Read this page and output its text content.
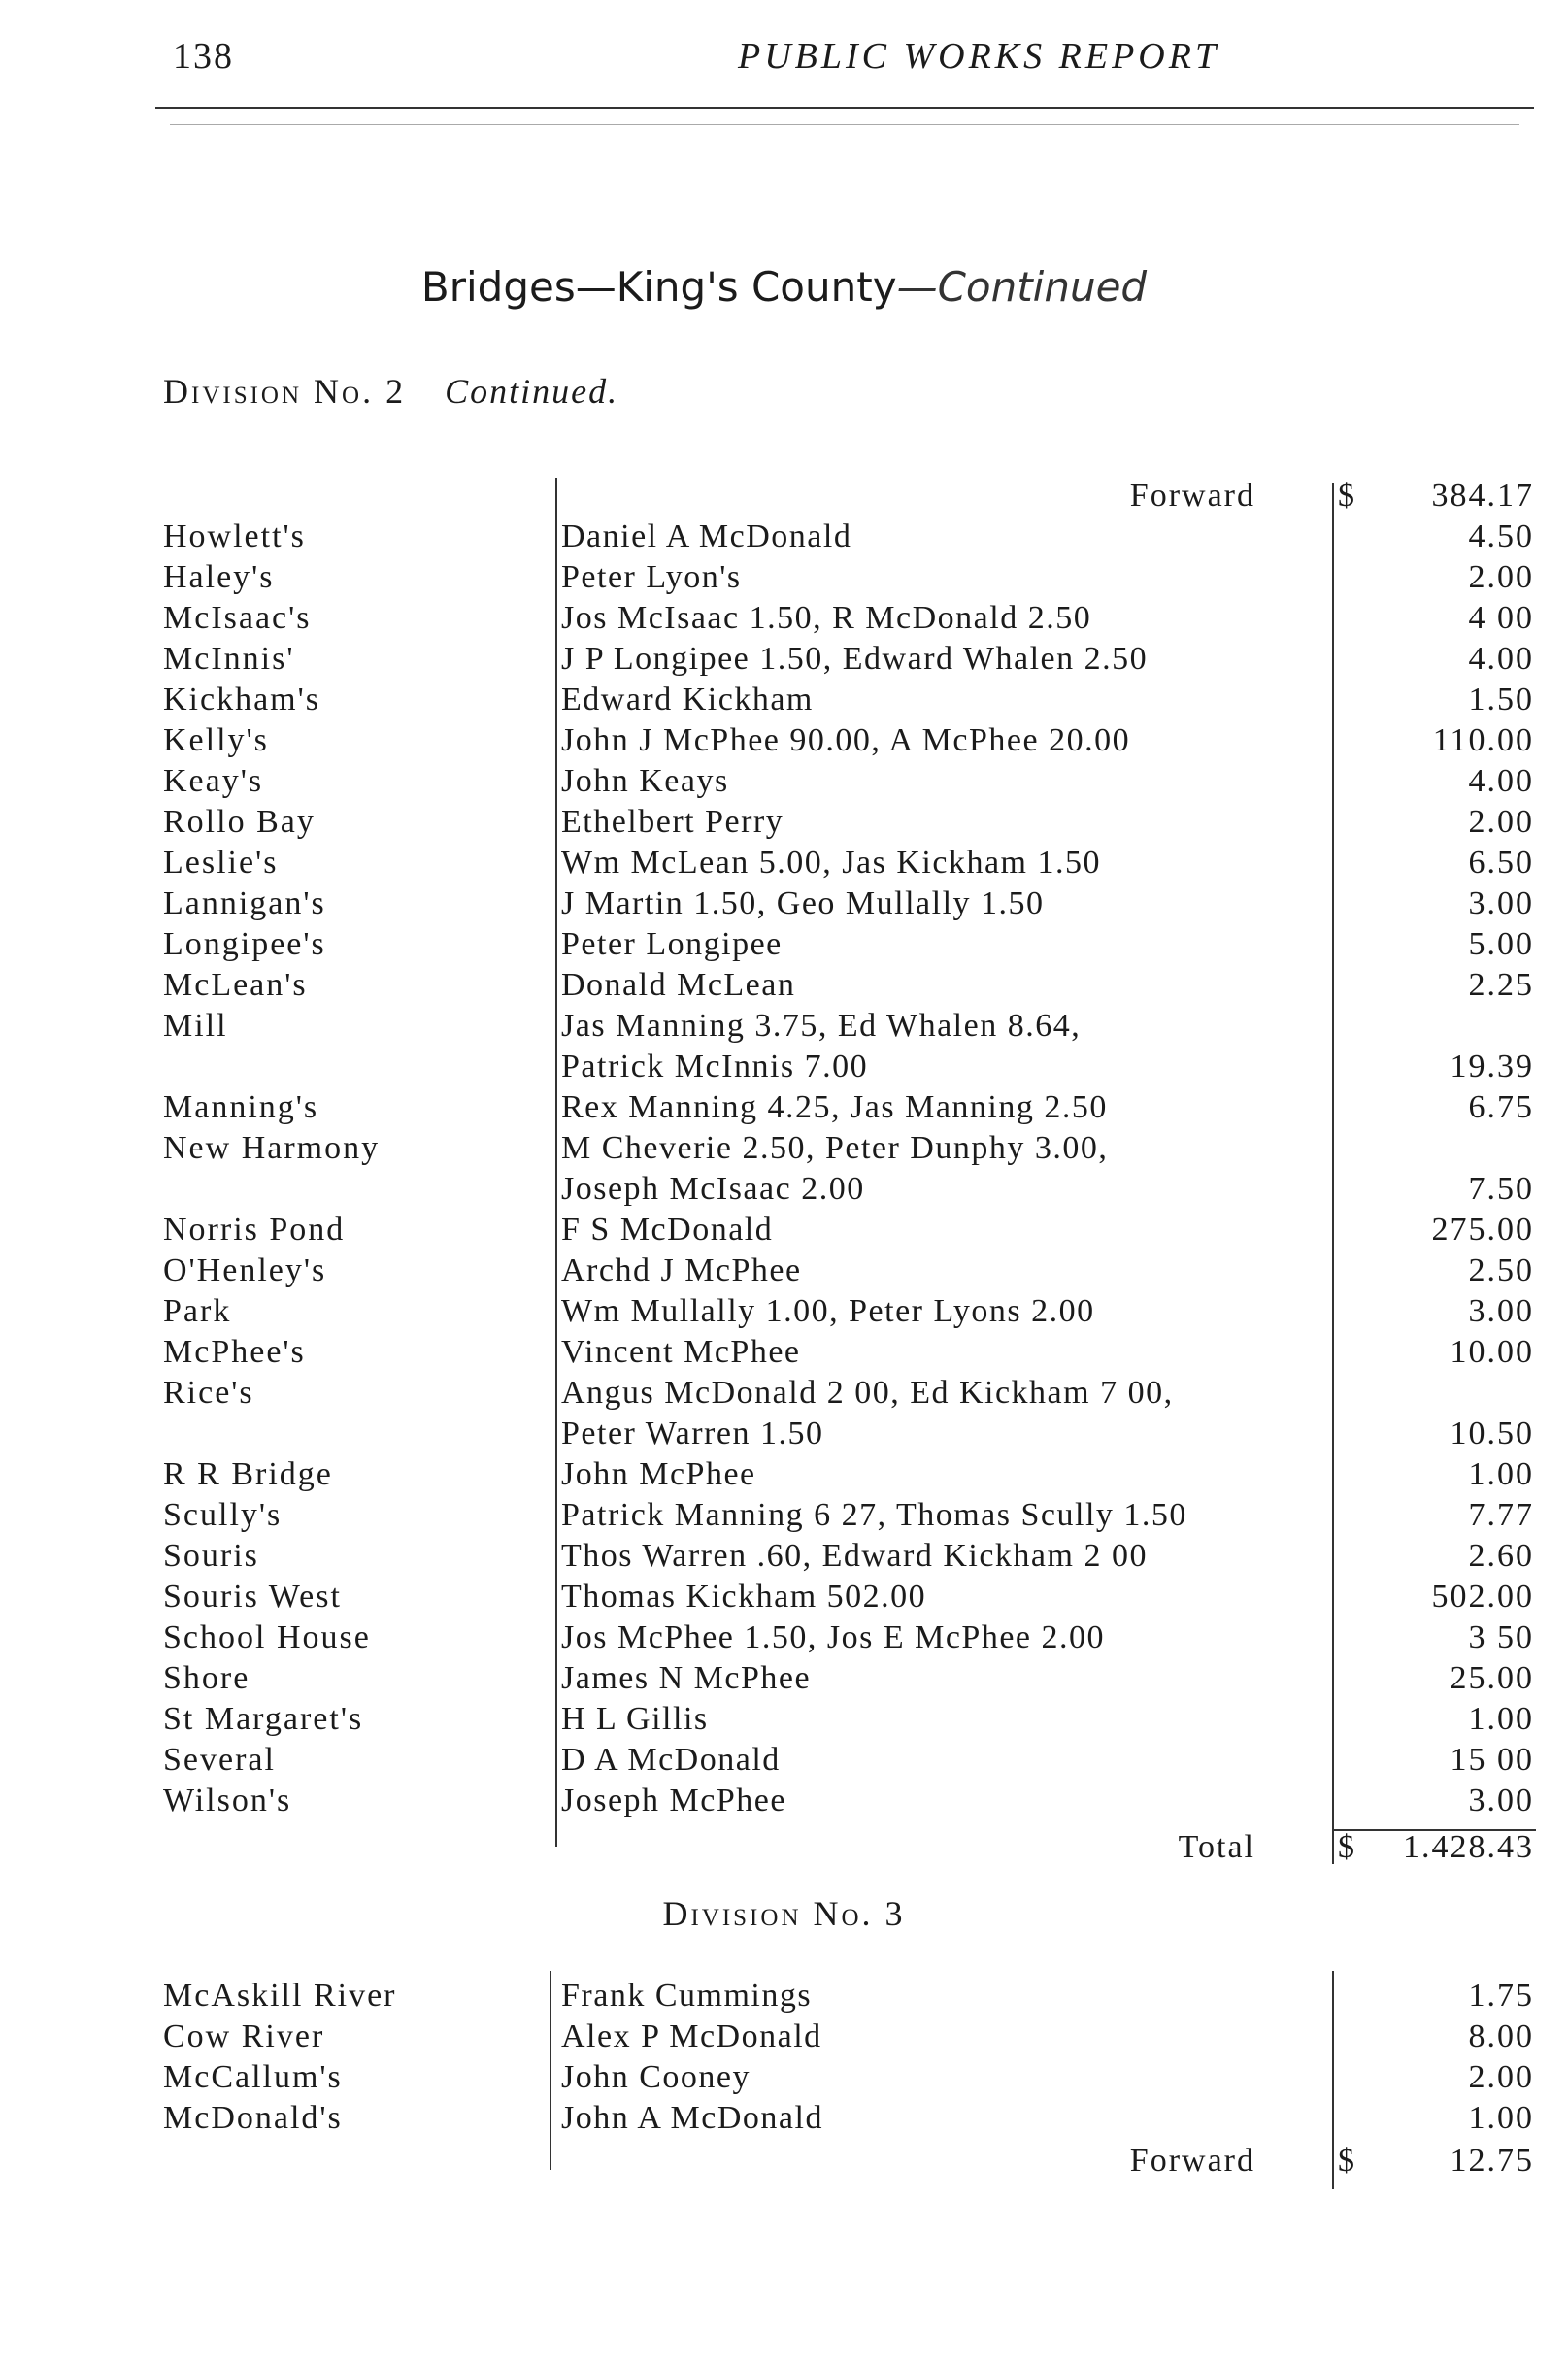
138	PUBLIC WORKS REPORT
Bridges—King's County—Continued
Division No. 2 Continued.
Forward	$ 384.17
Howlett's	Daniel A McDonald	4.50
Haley's	Peter Lyon's	2.00
McIsaac's	Jos McIsaac 1.50, R McDonald 2.50	4 00
McInnis'	J P Longipee 1.50, Edward Whalen 2.50	4.00
Kickham's	Edward Kickham	1.50
Kelly's	John J McPhee 90.00, A McPhee 20.00	110.00
Keay's	John Keays	4.00
Rollo Bay	Ethelbert Perry	2.00
Leslie's	Wm McLean 5.00, Jas Kickham 1.50	6.50
Lannigan's	J Martin 1.50, Geo Mullally 1.50	3.00
Longipee's	Peter Longipee	5.00
McLean's	Donald McLean	2.25
Mill	Jas Manning 3.75, Ed Whalen 8.64,
Patrick McInnis 7.00	19.39
Manning's	Rex Manning 4.25, Jas Manning 2.50	6.75
New Harmony	M Cheverie 2.50, Peter Dunphy 3.00,
Joseph McIsaac 2.00	7.50
Norris Pond	F S McDonald	275.00
O'Henley's	Archd J McPhee	2.50
Park	Wm Mullally 1.00, Peter Lyons 2.00	3.00
McPhee's	Vincent McPhee	10.00
Rice's	Angus McDonald 2 00, Ed Kickham 7 00,
Peter Warren 1.50	10.50
R R Bridge	John McPhee	1.00
Scully's	Patrick Manning 6 27, Thomas Scully 1.50	7.77
Souris	Thos Warren .60, Edward Kickham 2 00	2.60
Souris West	Thomas Kickham 502.00	502.00
School House	Jos McPhee 1.50, Jos E McPhee 2.00	3 50
Shore	James N McPhee	25.00
St Margaret's	H L Gillis	1.00
Several	D A McDonald	15 00
Wilson's	Joseph McPhee	3.00
Total	$ 1.428.43
Division No. 3
McAskill River	Frank Cummings	1.75
Cow River	Alex P McDonald	8.00
McCallum's	John Cooney	2.00
McDonald's	John A McDonald	1.00
Forward	$	12.75
